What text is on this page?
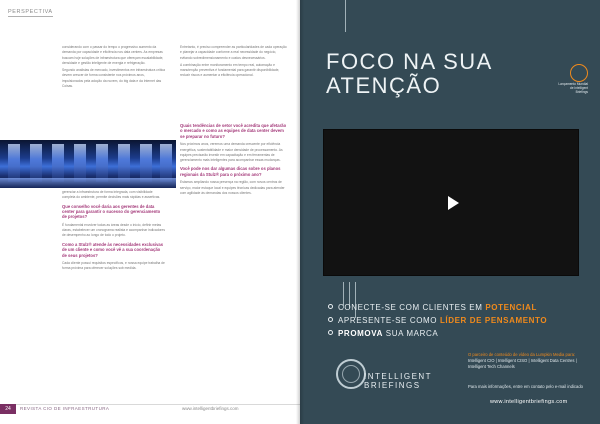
PERSPECTIVA

considerando com o passar do tempo o progressivo aumento da demanda por capacidade e eficiência nos data centers. As empresas buscam hoje soluções de infraestrutura que ofereçam escalabilidade, densidade e gestão inteligente de energia e refrigeração.

Segundo analistas de mercado, investimentos em infraestrutura crítica devem crescer de forma consistente nos próximos anos, impulsionados pela adoção da nuvem, do big data e da Internet das Coisas.

Entretanto, é preciso compreender as particularidades de cada operação e planejar a capacidade conforme a real necessidade do negócio, evitando sobredimensionamento e custos desnecessários.

A combinação entre monitoramento em tempo real, automação e manutenção preventiva é fundamental para garantir disponibilidade, reduzir riscos e aumentar a eficiência operacional.

gerenciar a infraestrutura de forma integrada, com visibilidade completa do ambiente, permite decisões mais rápidas e assertivas.

Que conselho você daria aos gerentes de data center para garantir o sucesso do gerenciamento de projetos?

É fundamental envolver todas as áreas desde o início, definir metas claras, estabelecer um cronograma realista e acompanhar indicadores de desempenho ao longo de todo o projeto.

Como a Stulz® atende às necessidades exclusivas de um cliente e como você vê a sua coordenação de seus projetos?

Cada cliente possui requisitos específicos, e nossa equipe trabalha de forma próxima para oferecer soluções sob medida.

Quais tendências de setor você acredita que afetarão o mercado e como as equipes de data center devem se preparar no futuro?

Nos próximos anos, veremos uma demanda crescente por eficiência energética, sustentabilidade e maior densidade de processamento. As equipes precisarão investir em capacitação e em ferramentas de gerenciamento mais inteligentes para acompanhar essas mudanças.

Você pode nos dar algumas dicas sobre os planos regionais da Stulz® para o próximo ano?

Estamos ampliando nossa presença na região, com novos centros de serviço, maior estoque local e equipes técnicas dedicadas para atender com agilidade às demandas dos nossos clientes.

24	REVISTA CIO DE INFRAESTRUTURA	www.intelligentbriefings.com
FOCO NA SUA
ATENÇÃO	Lançamento Mundial de Intelligent Briefings
CONECTE-SE COM CLIENTES EM POTENCIAL
APRESENTE-SE COMO LÍDER DE PENSAMENTO
PROMOVA SUA MARCA
INTELLIGENT
BRIEFINGS
O parceiro de conteúdo de vídeo da Lumpkin Media para:
Intelligent CIO | Intelligent CISO | Intelligent Data Centres | Intelligent Tech Channels
Para mais informações, entre em contato pelo e-mail indicado
www.intelligentbriefings.com
